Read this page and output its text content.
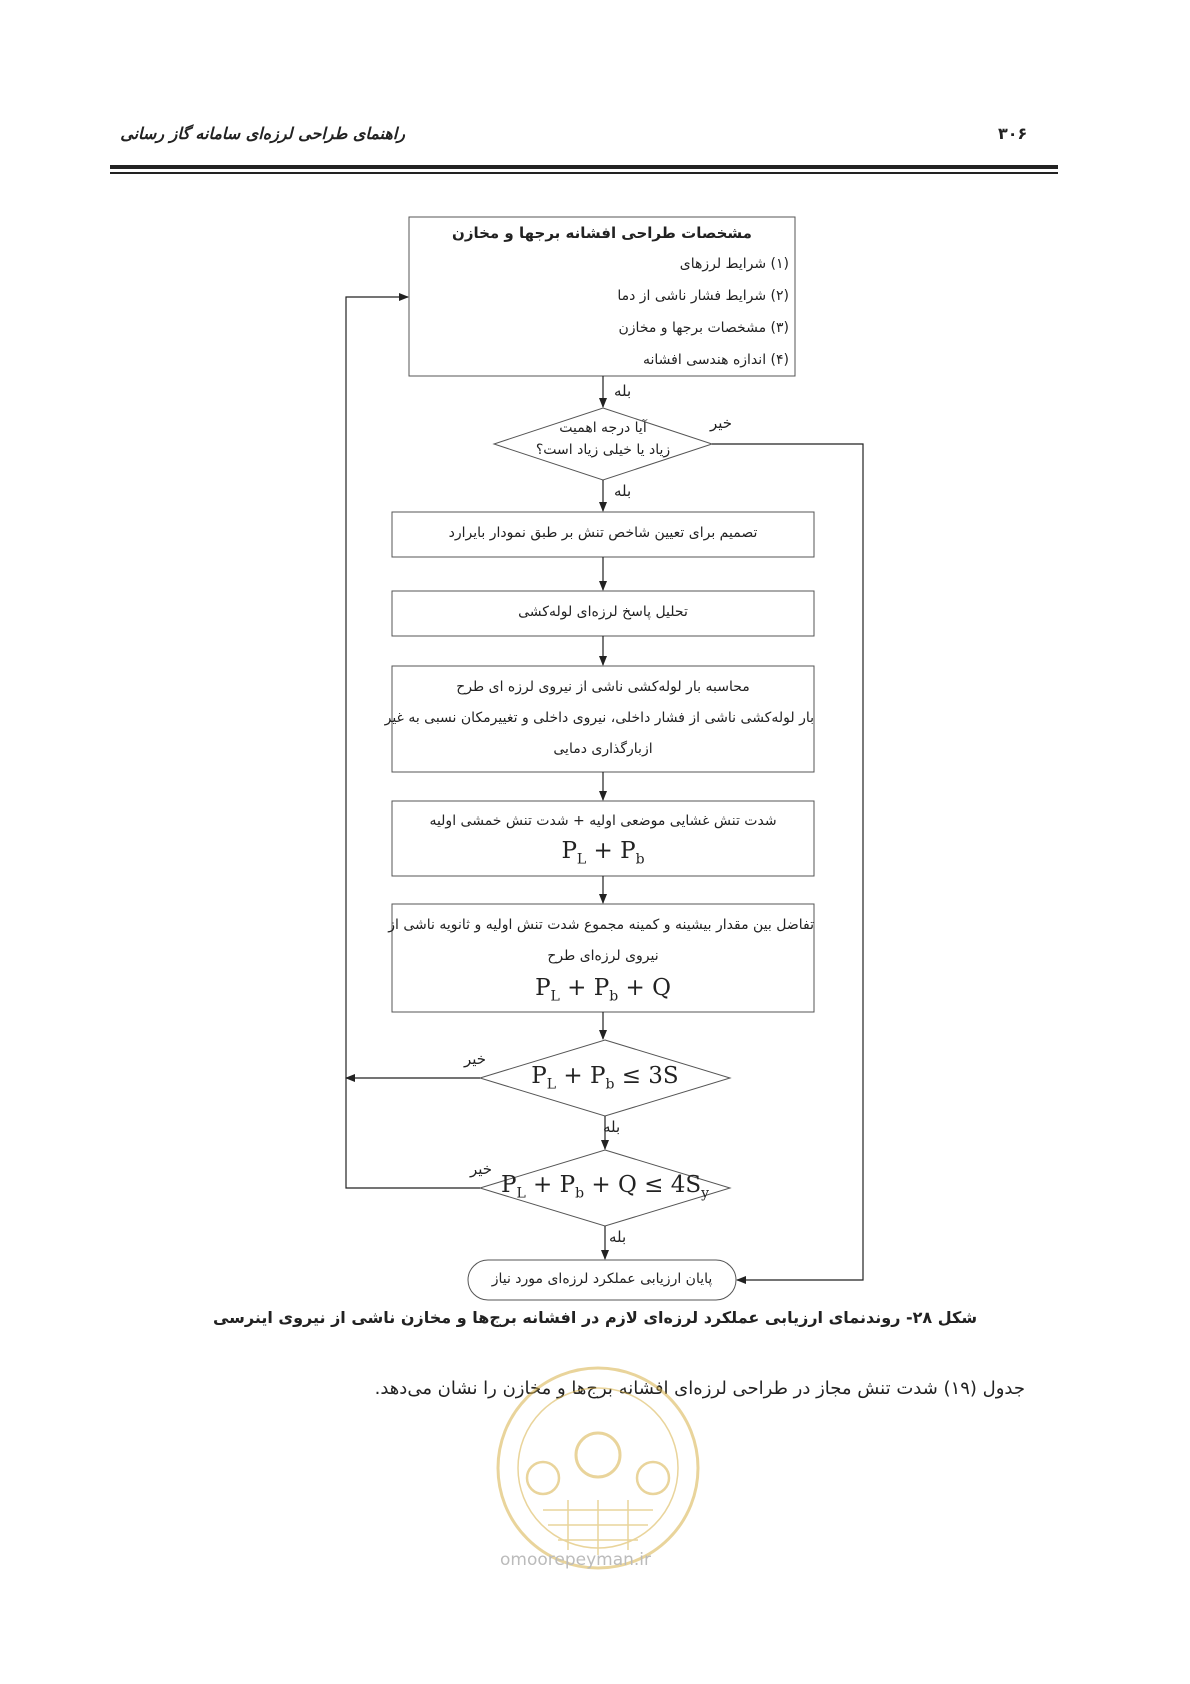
راهنمای طراحی لرزه‌ای سامانه گاز رسانی	۳۰۶
مشخصات طراحی افشانه برجها و مخازن
(۱) شرایط لرزهای
(۲) شرایط فشار ناشی از دما
(۳) مشخصات برجها و مخازن
(۴) اندازه هندسی افشانه
بله
آیا درجه اهمیت
زیاد یا خیلی زیاد است؟
خیر
بله
تصمیم برای تعیین شاخص تنش بر طبق نمودار بایرارد
تحلیل پاسخ لرزه‌ای لوله‌کشی
محاسبه بار لوله‌کشی ناشی از نیروی لرزه ای طرح
بار لوله‌کشی ناشی از فشار داخلی، نیروی داخلی و تغییرمکان نسبی به غیر
ازبارگذاری دمایی
شدت تنش غشایی موضعی اولیه + شدت تنش خمشی اولیه
$P_L + P_b$
تفاضل بین مقدار بیشینه و کمینه مجموع شدت تنش اولیه و ثانویه ناشی از
نیروی لرزه‌ای طرح
$P_L + P_b + Q$
$P_L + P_b \le 3S$
خیر
بله
$P_L + P_b + Q \le 4S_y$
خیر
بله
پایان ارزیابی عملکرد لرزه‌ای مورد نیاز
شکل ۲۸- روندنمای ارزیابی عملکرد لرزه‌ای لازم در افشانه برج‌ها و مخازن ناشی از نیروی اینرسی
جدول (۱۹) شدت تنش مجاز در طراحی لرزه‌ای افشانه برج‌ها و مخازن را نشان می‌دهد.
omoorepeyman.ir
